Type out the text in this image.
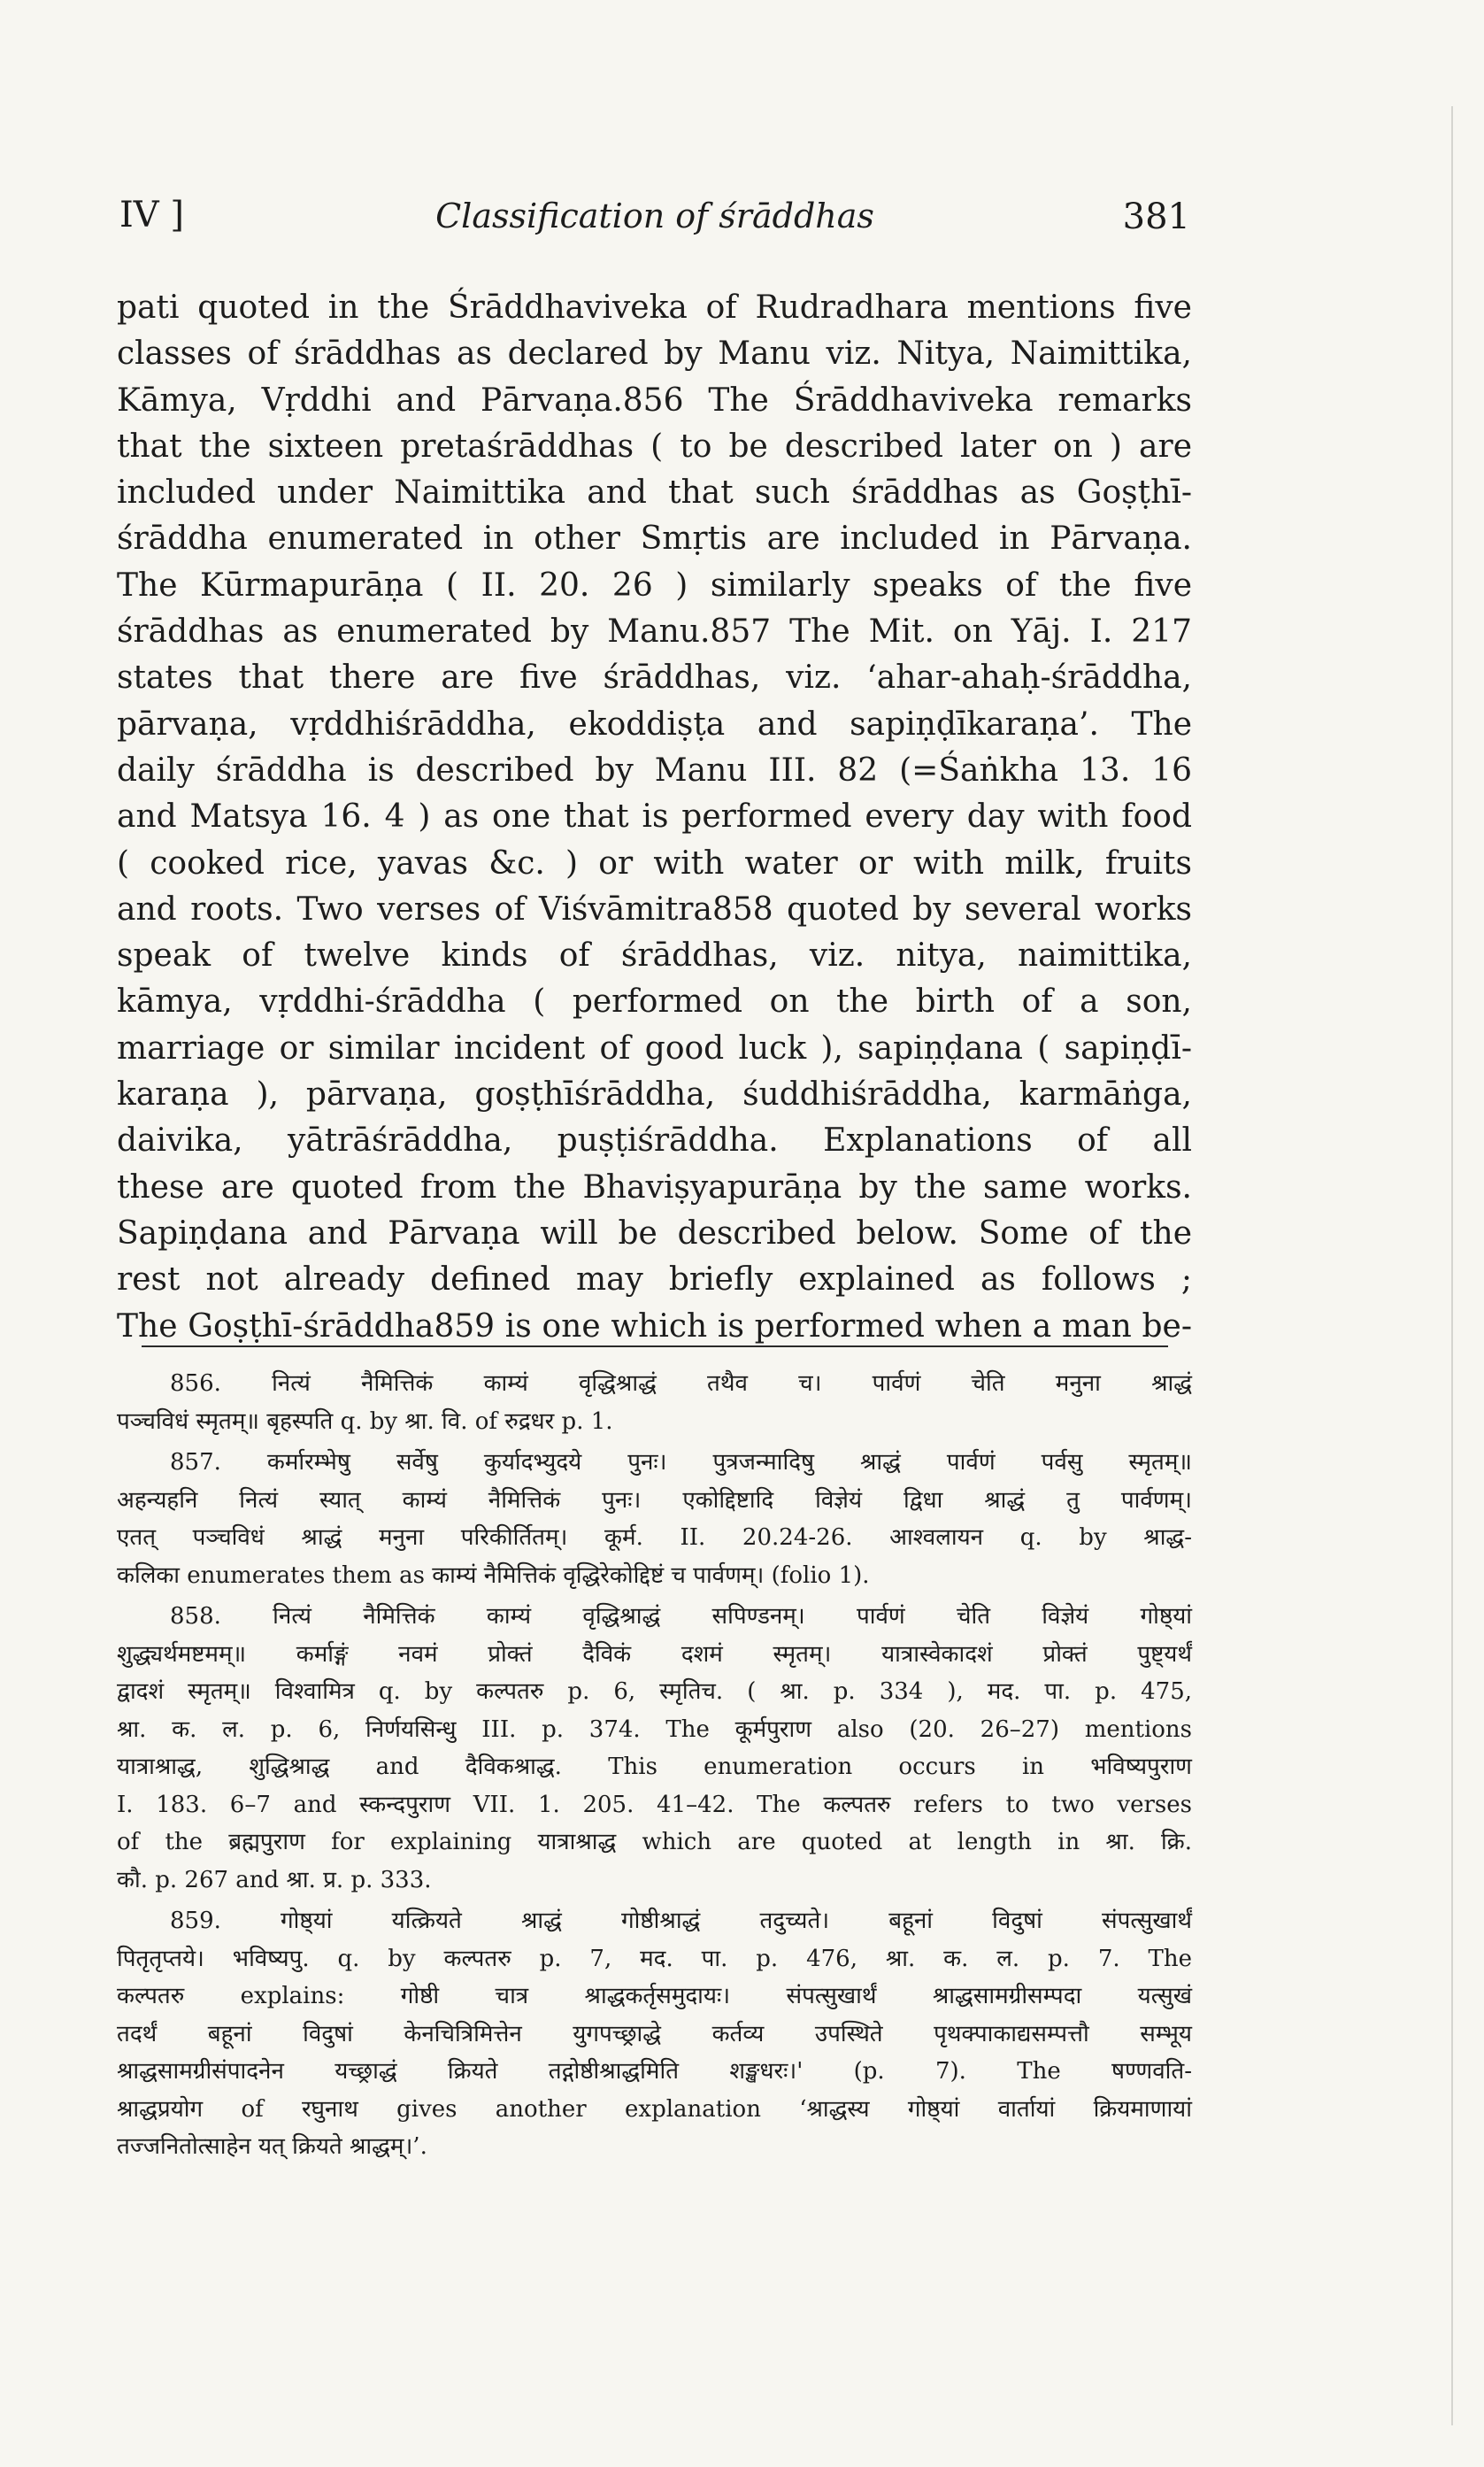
IV ]	Classification of śrāddhas	381
pati quoted in the Śrāddhaviveka of Rudradhara mentions five
classes of śrāddhas as declared by Manu viz. Nitya, Naimittika,
Kāmya, Vṛddhi and Pārvaṇa.856 The Śrāddhaviveka remarks
that the sixteen pretaśrāddhas ( to be described later on ) are
included under Naimittika and that such śrāddhas as Goṣṭhī-
śrāddha enumerated in other Smṛtis are included in Pārvaṇa.
The Kūrmapurāṇa ( II. 20. 26 ) similarly speaks of the five
śrāddhas as enumerated by Manu.857 The Mit. on Yāj. I. 217
states that there are five śrāddhas, viz. ‘ahar-ahaḥ-śrāddha,
pārvaṇa, vṛddhiśrāddha, ekoddiṣṭa and sapiṇḍīkaraṇa’. The
daily śrāddha is described by Manu III. 82 (=Śaṅkha 13. 16
and Matsya 16. 4 ) as one that is performed every day with food
( cooked rice, yavas &c. ) or with water or with milk, fruits
and roots. Two verses of Viśvāmitra858 quoted by several works
speak of twelve kinds of śrāddhas, viz. nitya, naimittika,
kāmya, vṛddhi-śrāddha ( performed on the birth of a son,
marriage or similar incident of good luck ), sapiṇḍana ( sapiṇḍī-
karaṇa ), pārvaṇa, goṣṭhīśrāddha, śuddhiśrāddha, karmāṅga,
daivika, yātrāśrāddha, puṣṭiśrāddha. Explanations of all
these are quoted from the Bhaviṣyapurāṇa by the same works.
Sapiṇḍana and Pārvaṇa will be described below. Some of the
rest not already defined may briefly explained as follows ;
The Goṣṭhī-śrāddha859 is one which is performed when a man be-
856. नित्यं नैमित्तिकं काम्यं वृद्धिश्राद्धं तथैव च। पार्वणं चेति मनुना श्राद्धं
पञ्चविधं स्मृतम्॥ बृहस्पति q. by श्रा. वि. of रुद्रधर p. 1.
857. कर्मारम्भेषु सर्वेषु कुर्यादभ्युदये पुनः। पुत्रजन्मादिषु श्राद्धं पार्वणं पर्वसु स्मृतम्॥
अहन्यहनि नित्यं स्यात् काम्यं नैमित्तिकं पुनः। एकोद्दिष्टादि विज्ञेयं द्विधा श्राद्धं तु पार्वणम्।
एतत् पञ्चविधं श्राद्धं मनुना परिकीर्तितम्। कूर्म. II. 20.24-26. आश्वलायन q. by श्राद्ध-
कलिका enumerates them as काम्यं नैमित्तिकं वृद्धिरेकोद्दिष्टं च पार्वणम्। (folio 1).
858. नित्यं नैमित्तिकं काम्यं वृद्धिश्राद्धं सपिण्डनम्। पार्वणं चेति विज्ञेयं गोष्ठ्यां
शुद्ध्यर्थमष्टमम्॥ कर्माङ्गं नवमं प्रोक्तं दैविकं दशमं स्मृतम्। यात्रास्वेकादशं प्रोक्तं पुष्ट्यर्थं
द्वादशं स्मृतम्॥ विश्वामित्र q. by कल्पतरु p. 6, स्मृतिच. ( श्रा. p. 334 ), मद. पा. p. 475,
श्रा. क. ल. p. 6, निर्णयसिन्धु III. p. 374. The कूर्मपुराण also (20. 26–27) mentions
यात्राश्राद्ध, शुद्धिश्राद्ध and दैविकश्राद्ध. This enumeration occurs in भविष्यपुराण
I. 183. 6–7 and स्कन्दपुराण VII. 1. 205. 41–42. The कल्पतरु refers to two verses
of the ब्रह्मपुराण for explaining यात्राश्राद्ध which are quoted at length in श्रा. क्रि.
कौ. p. 267 and श्रा. प्र. p. 333.
859. गोष्ठ्यां यत्क्रियते श्राद्धं गोष्ठीश्राद्धं तदुच्यते। बहूनां विदुषां संपत्सुखार्थं
पितृतृप्तये। भविष्यपु. q. by कल्पतरु p. 7, मद. पा. p. 476, श्रा. क. ल. p. 7. The
कल्पतरु explains: गोष्ठी चात्र श्राद्धकर्तृसमुदायः। संपत्सुखार्थं श्राद्धसामग्रीसम्पदा यत्सुखं
तदर्थं बहूनां विदुषां केनचित्रिमित्तेन युगपच्छ्राद्धे कर्तव्य उपस्थिते पृथक्पाकाद्यसम्पत्तौ सम्भूय
श्राद्धसामग्रीसंपादनेन यच्छ्राद्धं क्रियते तद्गोष्ठीश्राद्धमिति शङ्खधरः।' (p. 7). The षण्णवति-
श्राद्धप्रयोग of रघुनाथ gives another explanation ‘श्राद्धस्य गोष्ठ्यां वार्तायां क्रियमाणायां
तज्जनितोत्साहेन यत् क्रियते श्राद्धम्।’.
